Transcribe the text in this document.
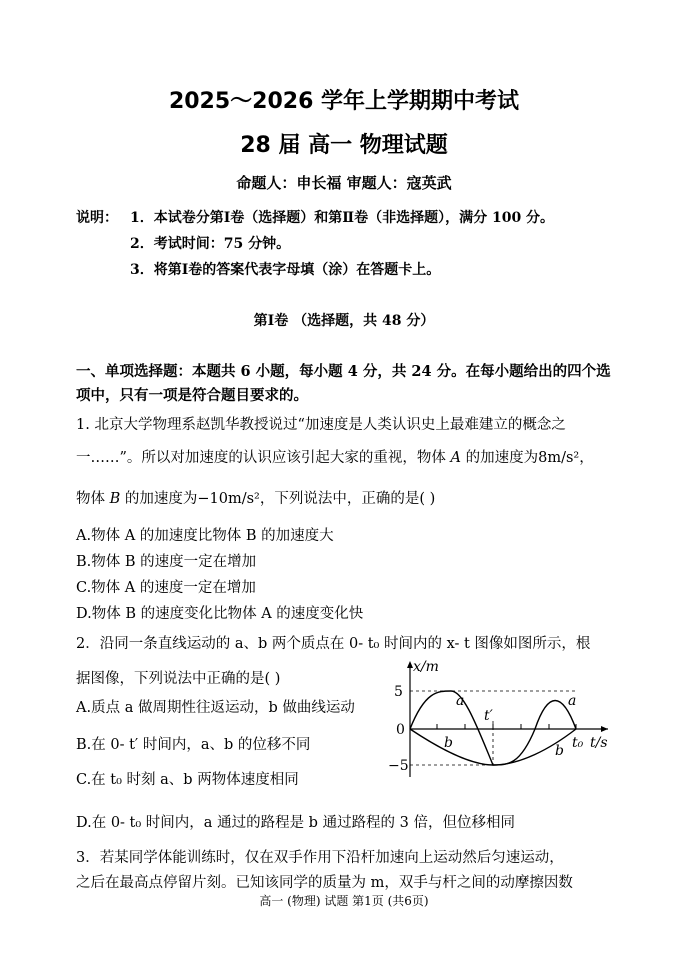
2025～2026 学年上学期期中考试
28 届 高一 物理试题
命题人：申长福 审题人：寇英武
说明： 1．本试卷分第Ⅰ卷（选择题）和第Ⅱ卷（非选择题），满分 100 分。
2．考试时间：75 分钟。
3．将第Ⅰ卷的答案代表字母填（涂）在答题卡上。
第Ⅰ卷 （选择题，共 48 分）
一、单项选择题：本题共 6 小题，每小题 4 分，共 24 分。在每小题给出的四个选项中，只有一项是符合题目要求的。
1. 北京大学物理系赵凯华教授说过“加速度是人类认识史上最难建立的概念之
一……”。所以对加速度的认识应该引起大家的重视，物体 A 的加速度为8m/s²，
物体 B 的加速度为−10m/s²，下列说法中，正确的是( )
A.物体 A 的加速度比物体 B 的加速度大
B.物体 B 的速度一定在增加
C.物体 A 的速度一定在增加
D.物体 B 的速度变化比物体 A 的速度变化快
2．沿同一条直线运动的 a、b 两个质点在 0- t₀ 时间内的 x- t 图像如图所示，根
据图像，下列说法中正确的是( )
A.质点 a 做周期性往返运动，b 做曲线运动
B.在 0- t′ 时间内，a、b 的位移不同
C.在 t₀ 时刻 a、b 两物体速度相同
D.在 0- t₀ 时间内，a 通过的路程是 b 通过路程的 3 倍，但位移相同
x/m
t/s
5
0
−5
a	a
b	b
t′
t₀
3．若某同学体能训练时，仅在双手作用下沿杆加速向上运动然后匀速运动，
之后在最高点停留片刻。已知该同学的质量为 m，双手与杆之间的动摩擦因数
高一 (物理) 试题 第1页 (共6页)
